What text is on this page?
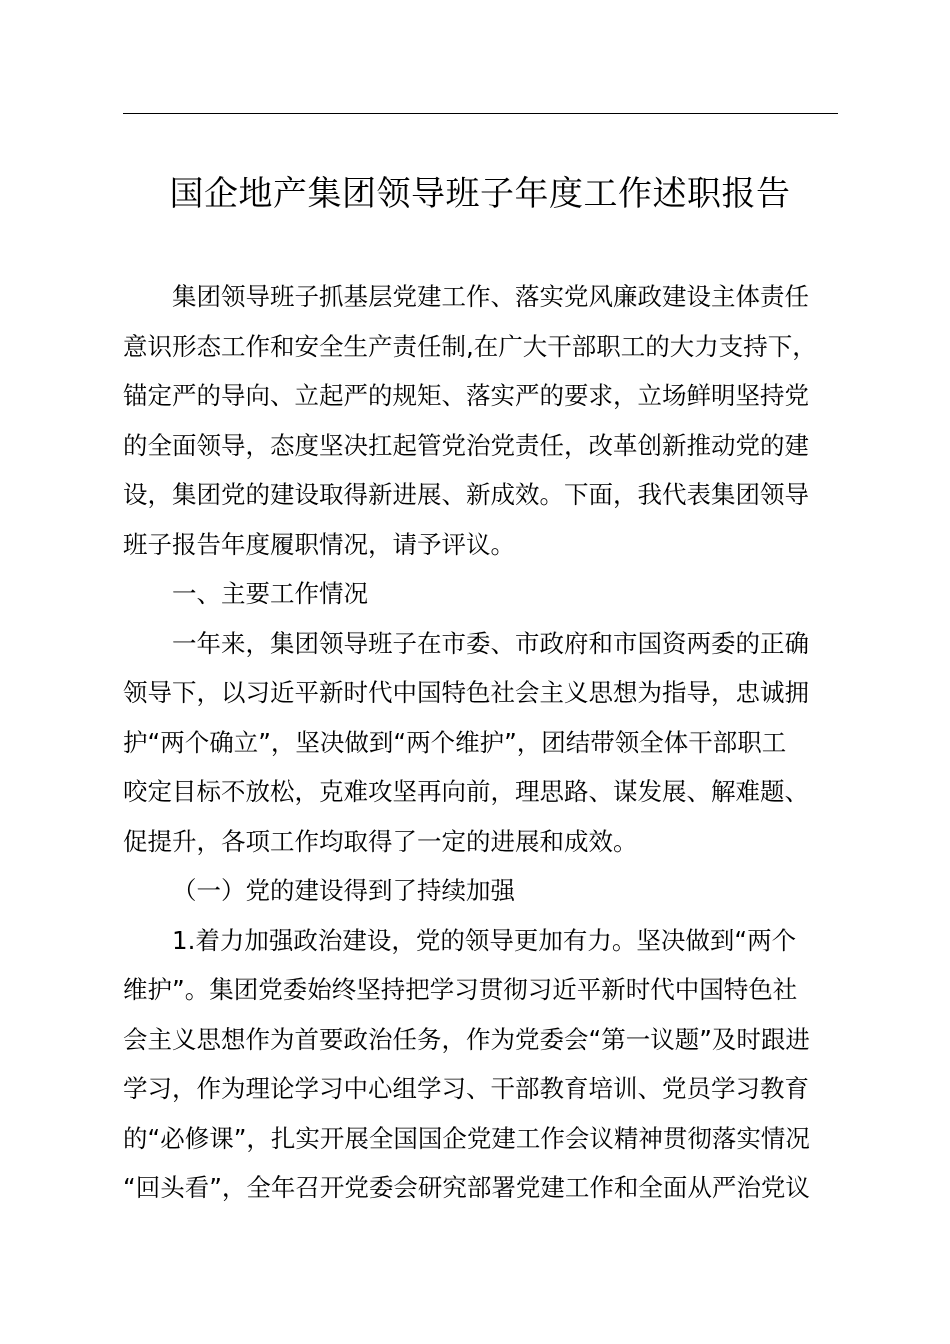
国企地产集团领导班子年度工作述职报告
集团领导班子抓基层党建工作、落实党风廉政建设主体责任
意识形态工作和安全生产责任制,在广大干部职工的大力支持下，
锚定严的导向、立起严的规矩、落实严的要求，立场鲜明坚持党
的全面领导，态度坚决扛起管党治党责任，改革创新推动党的建
设，集团党的建设取得新进展、新成效。下面，我代表集团领导
班子报告年度履职情况，请予评议。
一、主要工作情况
一年来，集团领导班子在市委、市政府和市国资两委的正确
领导下，以习近平新时代中国特色社会主义思想为指导，忠诚拥
护“两个确立”，坚决做到“两个维护”，团结带领全体干部职工
咬定目标不放松，克难攻坚再向前，理思路、谋发展、解难题、
促提升，各项工作均取得了一定的进展和成效。
（一）党的建设得到了持续加强
1.着力加强政治建设，党的领导更加有力。坚决做到“两个
维护”。集团党委始终坚持把学习贯彻习近平新时代中国特色社
会主义思想作为首要政治任务，作为党委会“第一议题”及时跟进
学习，作为理论学习中心组学习、干部教育培训、党员学习教育
的“必修课”，扎实开展全国国企党建工作会议精神贯彻落实情况
“回头看”，全年召开党委会研究部署党建工作和全面从严治党议
